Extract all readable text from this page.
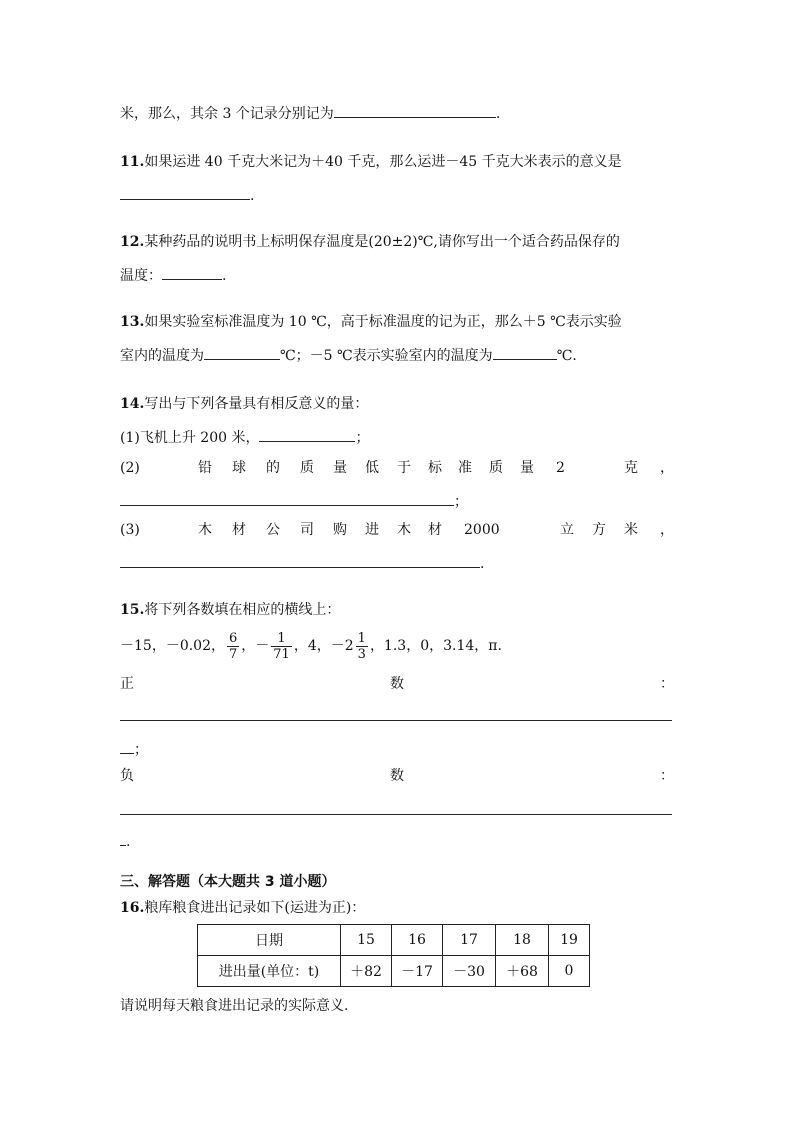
米，那么，其余 3 个记录分别记为	.
11.如果运进 40 千克大米记为＋40 千克，那么运进－45 千克大米表示的意义是
.
12.某种药品的说明书上标明保存温度是(20±2)℃,请你写出一个适合药品保存的
温度：	.
13.如果实验室标准温度为 10 ℃，高于标准温度的记为正，那么＋5 ℃表示实验
室内的温度为	℃；－5 ℃表示实验室内的温度为	℃.
14.写出与下列各量具有相反意义的量：
(1)飞机上升 200 米，	；
(2)	铅 球 的 质 量 低 于 标 准 质 量 2	克 ，
；
(3)	木 材 公 司 购 进 木 材 2000	立 方 米 ，
.
15.将下列各数填在相应的横线上：
－15，－0.02， $\frac{6}{7}$ ，－ $\frac{1}{71}$ ，4，$-2 \frac{1}{3}$ ，1.3，0，3.14，π.
正	数	：
；
负	数	：
.
三、解答题（本大题共 3 道小题）
16.粮库粮食进出记录如下(运进为正)：
日期	15	16	17	18	19
进出量(单位：t)	＋82	－17	－30	＋68	0
请说明每天粮食进出记录的实际意义.
